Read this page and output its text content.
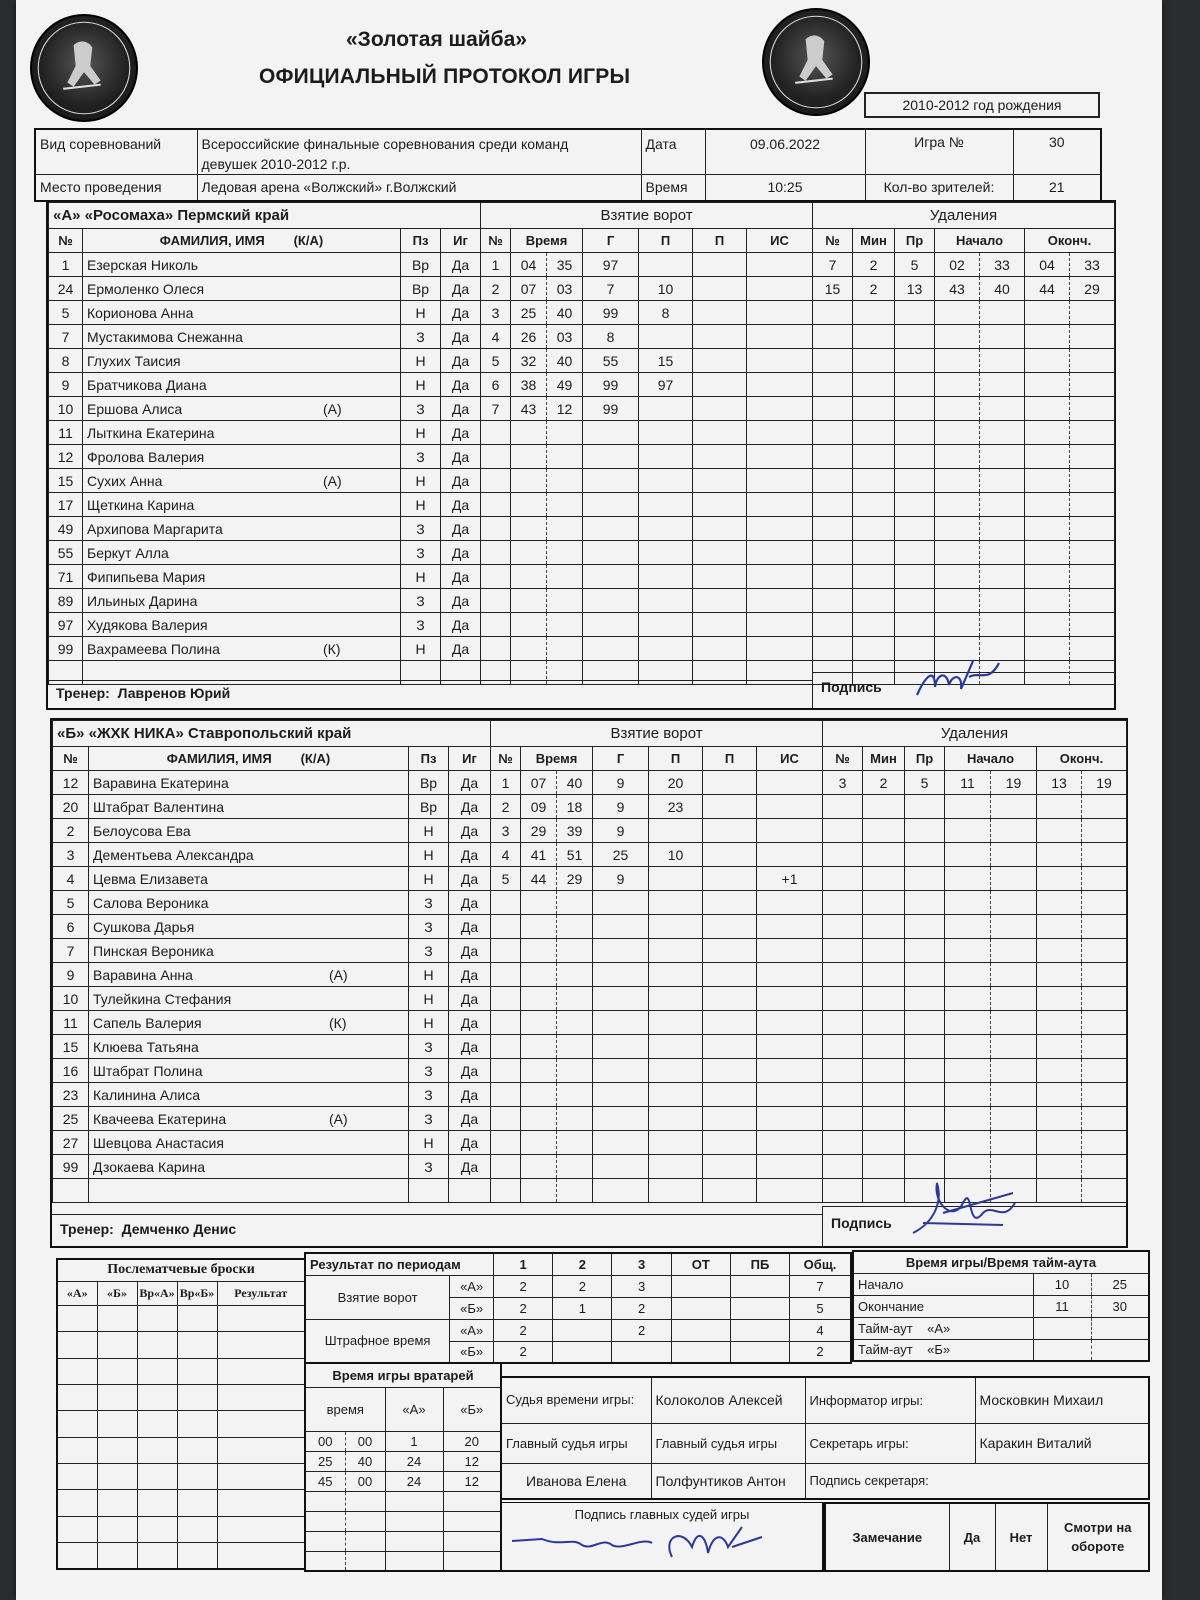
«Золотая шайба»
ОФИЦИАЛЬНЫЙ ПРОТОКОЛ ИГРЫ
2010-2012 год рождения
Вид соревнований	Всероссийские финальные соревнования среди команд
девушек 2010-2012 г.р.	Дата	09.06.2022	Игра №	30
Место проведения	Ледовая арена «Волжский» г.Волжский	Время	10:25	Кол-во зрителей:	21
«А» «Росомаха» Пермский край			
№	ФАМИЛИЯ, ИМЯ (К/А)	Пз	Иг
1	Езерская Николь	Вр	Да
24	Ермоленко Олеся	Вр	Да
5	Корионова Анна	Н	Да
7	Мустакимова Снежанна	З	Да
8	Глухих Таисия	Н	Да
9	Братчикова Диана	Н	Да
10	Ершова Алиса (А)	З	Да
11	Лыткина Екатерина	Н	Да
12	Фролова Валерия	З	Да
15	Сухих Анна (А)	Н	Да
17	Щеткина Карина	Н	Да
49	Архипова Маргарита	З	Да
55	Беркут Алла	З	Да
71	Фипипьева Мария	Н	Да
89	Ильиных Дарина	З	Да
97	Худякова Валерия	З	Да
99	Вахрамеева Полина (К)	Н	Да

Взятие ворот						
№	Время		Г	П	П	ИС
1	04	35	97			
2	07	03	7	10		
3	25	40	99	8		
4	26	03	8			
5	32	40	55	15		
6	38	49	99	97		
7	43	12	99			

Удаления						
№	Мин	Пр	Начало		Оконч.	
7	2	5	02	33	04	33
15	2	13	43	40	44	29

Тренер: Лавренов Юрий	Подпись
«Б» «ЖХК НИКА» Ставропольский край			
№	ФАМИЛИЯ, ИМЯ (К/А)	Пз	Иг
12	Варавина Екатерина	Вр	Да
20	Штабрат Валентина	Вр	Да
2	Белоусова Ева	Н	Да
3	Дементьева Александра	Н	Да
4	Цевма Елизавета	Н	Да
5	Салова Вероника	З	Да
6	Сушкова Дарья	З	Да
7	Пинская Вероника	З	Да
9	Варавина Анна (А)	Н	Да
10	Тулейкина Стефания	Н	Да
11	Сапель Валерия (К)	Н	Да
15	Клюева Татьяна	З	Да
16	Штабрат Полина	З	Да
23	Калинина Алиса	З	Да
25	Квачеева Екатерина (А)	З	Да
27	Шевцова Анастасия	Н	Да
99	Дзокаева Карина	З	Да

Взятие ворот						
№	Время		Г	П	П	ИС
1	07	40	9	20		
2	09	18	9	23		
3	29	39	9			
4	41	51	25	10		
5	44	29	9			+1

Удаления						
№	Мин	Пр	Начало		Оконч.	
3	2	5	11	19	13	19

Тренер: Демченко Денис	Подпись
Послематчевые броски				
«А»	«Б»	Вр«А»	Вр«Б»	Результат

Результат по периодам		1	2	3	ОТ	ПБ	Общ.
Взятие ворот	«А»	2	2	3			7
	«Б»	2	1	2			5
Штрафное время	«А»	2		2			4
	«Б»	2					2
Время игры/Время тайм-аута		
Начало	10	25
Окончание	11	30
Тайм-аут «А»		
Тайм-аут «Б»		
Время игры вратарей			
время		«А»	«Б»
00	00	1	20
25	40	24	12
45	00	24	12

Судья времени игры:	Колоколов Алексей	Информатор игры:	Московкин Михаил
Главный судья игры	Главный судья игры	Секретарь игры:	Каракин Виталий
Иванова Елена	Полфунтиков Антон	Подпись секретаря:	
Подпись главных судей игры
Замечание	Да	Нет	Смотри на обороте
